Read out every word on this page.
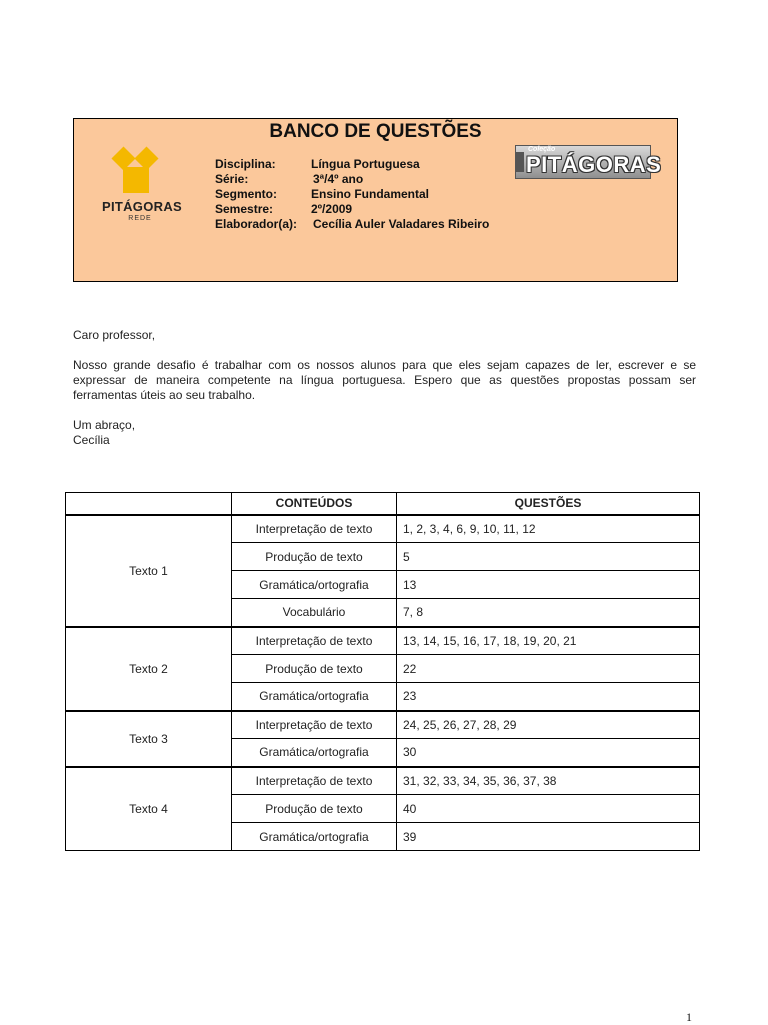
BANCO DE QUESTÕES
PITÁGORAS
REDE
Disciplina:	Língua Portuguesa
Série:	3ª/4º ano
Segmento:	Ensino Fundamental
Semestre:	2º/2009
Elaborador(a):	Cecília Auler Valadares Ribeiro
Coleção
PITÁGORAS

Caro professor,

Nosso grande desafio é trabalhar com os nossos alunos para que eles sejam capazes de ler, escrever e se expressar de maneira competente na língua portuguesa. Espero que as questões propostas possam ser ferramentas úteis ao seu trabalho.

Um abraço,

Cecília

	CONTEÚDOS	QUESTÕES
Texto 1	Interpretação de texto	1, 2, 3, 4, 6, 9, 10, 11, 12
	Produção de texto	5
	Gramática/ortografia	13
	Vocabulário	7, 8
Texto 2	Interpretação de texto	13, 14, 15, 16, 17, 18, 19, 20, 21
	Produção de texto	22
	Gramática/ortografia	23
Texto 3	Interpretação de texto	24, 25, 26, 27, 28, 29
	Gramática/ortografia	30
Texto 4	Interpretação de texto	31, 32, 33, 34, 35, 36, 37, 38
	Produção de texto	40
	Gramática/ortografia	39
1
